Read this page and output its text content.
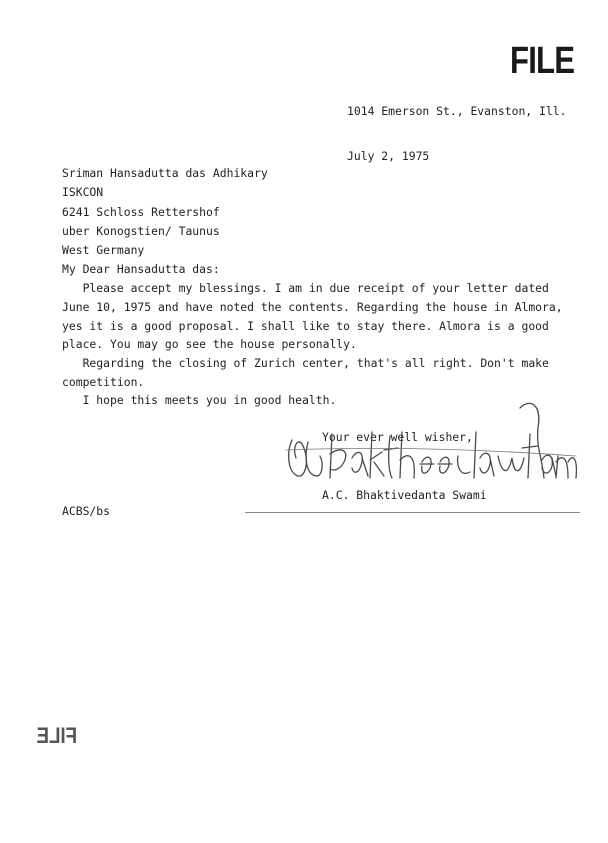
FILE
1014 Emerson St., Evanston, Ill.
July 2, 1975
Sriman Hansadutta das Adhikary
ISKCON
6241 Schloss Rettershof
uber Konogstien/ Taunus
West Germany
My Dear Hansadutta das:
Please accept my blessings. I am in due receipt of your letter dated
June 10, 1975 and have noted the contents. Regarding the house in Almora,
yes it is a good proposal. I shall like to stay there. Almora is a good
place. You may go see the house personally.
Regarding the closing of Zurich center, that's all right. Don't make
competition.
I hope this meets you in good health.
Your ever well wisher,
A.C. Bhaktivedanta Swami
ACBS/bs
FILE
